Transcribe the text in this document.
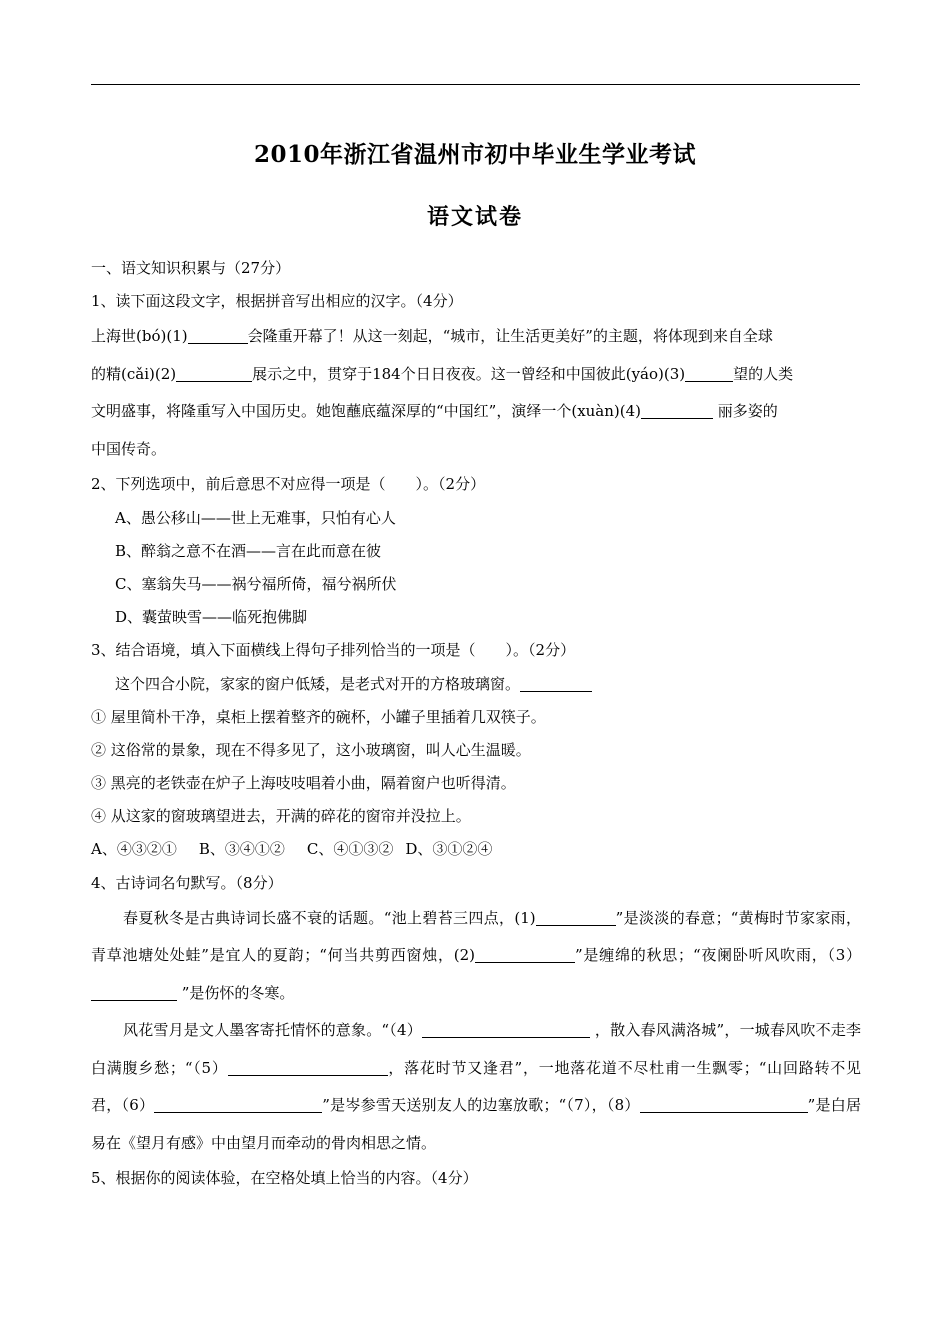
2010年浙江省温州市初中毕业生学业考试
语文试卷
一、语文知识积累与（27分）
1、读下面这段文字，根据拼音写出相应的汉字。（4分）
上海世(bó)(1)	会隆重开幕了！从这一刻起，“城市，让生活更美好”的主题，将体现到来自全球
的精(cǎi)(2)	展示之中，贯穿于184个日日夜夜。这一曾经和中国彼此(yáo)(3)	望的人类
文明盛事，将隆重写入中国历史。她饱蘸底蕴深厚的“中国红”，演绎一个(xuàn)(4)	丽多姿的
中国传奇。
2、下列选项中，前后意思不对应得一项是（　　）。（2分）
A、愚公移山——世上无难事，只怕有心人
B、醉翁之意不在酒——言在此而意在彼
C、塞翁失马——祸兮福所倚，福兮祸所伏
D、囊萤映雪——临死抱佛脚
3、结合语境，填入下面横线上得句子排列恰当的一项是（　　）。（2分）
这个四合小院，家家的窗户低矮，是老式对开的方格玻璃窗。
① 屋里简朴干净，桌柜上摆着整齐的碗杯，小罐子里插着几双筷子。
② 这俗常的景象，现在不得多见了，这小玻璃窗，叫人心生温暖。
③ 黑亮的老铁壶在炉子上海吱吱唱着小曲，隔着窗户也听得清。
④ 从这家的窗玻璃望进去，开满的碎花的窗帘并没拉上。
A、④③②① B、③④①② C、④①③② D、③①②④
4、古诗词名句默写。（8分）
春夏秋冬是古典诗词长盛不衰的话题。“池上碧苔三四点，(1)	”是淡淡的春意；“黄梅时节家家雨，青草池塘处处蛙”是宜人的夏韵；“何当共剪西窗烛，(2)	”是缠绵的秋思；“夜阑卧听风吹雨，（3） ”是伤怀的冬寒。
风花雪月是文人墨客寄托情怀的意象。“（4）	，散入春风满洛城”，一城春风吹不走李白满腹乡愁；“（5）	，落花时节又逢君”，一地落花道不尽杜甫一生飘零；“山回路转不见君，（6）	”是岑参雪天送别友人的边塞放歌；“（7），（8）	”是白居易在《望月有感》中由望月而牵动的骨肉相思之情。
5、根据你的阅读体验，在空格处填上恰当的内容。（4分）
